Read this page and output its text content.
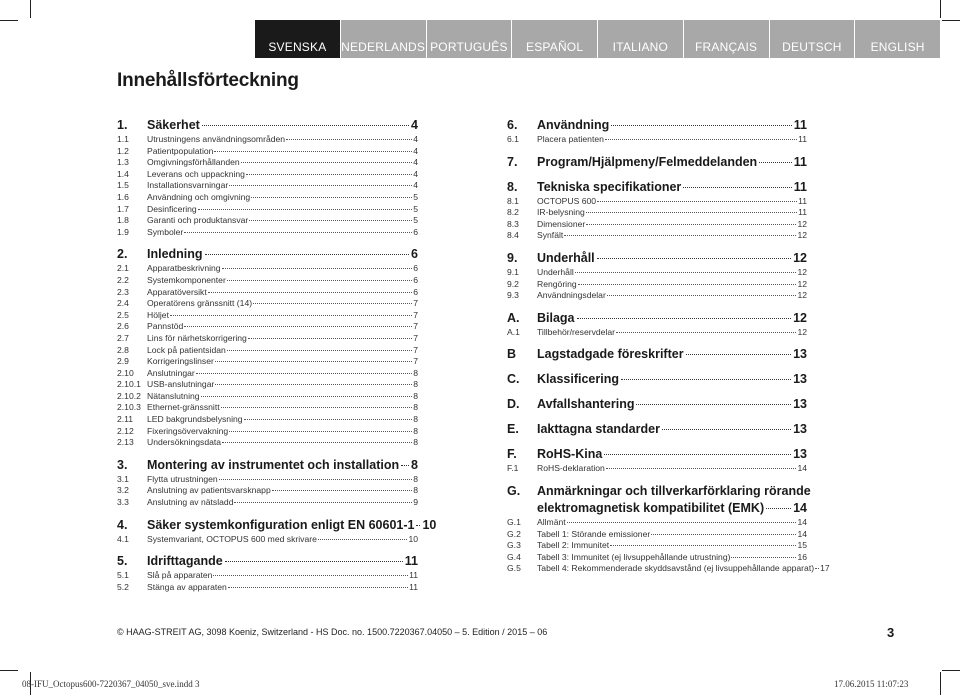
SVENSKA	NEDERLANDS PORTUGUÊS	ESPAÑOL	ITALIANO	FRANÇAIS	DEUTSCH	ENGLISH
Innehållsförteckning
1.	Säkerhet	4
1.1	Utrustningens användningsområden	4
1.2	Patientpopulation	4
1.3	Omgivningsförhållanden	4
1.4	Leverans och uppackning	4
1.5	Installationsvarningar	4
1.6	Användning och omgivning	5
1.7	Desinficering	5
1.8	Garanti och produktansvar	5
1.9	Symboler	6
2.	Inledning	6
2.1	Apparatbeskrivning	6
2.2	Systemkomponenter	6
2.3	Apparatöversikt	6
2.4	Operatörens gränssnitt (14)	7
2.5	Höljet	7
2.6	Pannstöd	7
2.7	Lins för närhetskorrigering	7
2.8	Lock på patientsidan	7
2.9	Korrigeringslinser	7
2.10	Anslutningar	8
2.10.1 USB-anslutningar	8
2.10.2 Nätanslutning	8
2.10.3 Ethernet-gränssnitt	8
2.11	LED bakgrundsbelysning	8
2.12	Fixeringsövervakning	8
2.13	Undersökningsdata	8
3.	Montering av instrumentet och installation 8
3.1	Flytta utrustningen	8
3.2	Anslutning av patientsvarsknapp	8
3.3	Anslutning av nätsladd	9
4.	Säker systemkonfiguration enligt EN 60601-1 10
4.1	Systemvariant, OCTOPUS 600 med skrivare	10
5.	Idrifttagande	11
5.1	Slå på apparaten	11
5.2	Stänga av apparaten	11
6.	Användning	11
6.1	Placera patienten	11
7.	Program/Hjälpmeny/Felmeddelanden	11
8.	Tekniska specifikationer	11
8.1	OCTOPUS 600	11
8.2	IR-belysning	11
8.3	Dimensioner	12
8.4	Synfält	12
9.	Underhåll	12
9.1	Underhåll	12
9.2	Rengöring	12
9.3	Användningsdelar	12
A.	Bilaga	12
A.1	Tillbehör/reservdelar	12
B	Lagstadgade föreskrifter	13
C.	Klassificering	13
D.	Avfallshantering	13
E.	Iakttagna standarder	13
F.	RoHS-Kina	13
F.1	RoHS-deklaration	14
G.	Anmärkningar och tillverkarförklaring rörande
elektromagnetisk kompatibilitet (EMK) 14
G.1	Allmänt	14
G.2	Tabell 1: Störande emissioner	14
G.3	Tabell 2: Immunitet	15
G.4	Tabell 3: Immunitet (ej livsuppehållande utrustning)	16
G.5	Tabell 4: Rekommenderade skyddsavstånd (ej livsuppehållande apparat) 17
© HAAG-STREIT AG, 3098 Koeniz, Switzerland - HS Doc. no. 1500.7220367.04050 – 5. Edition / 2015 – 06	3
08-IFU_Octopus600-7220367_04050_sve.indd 3	17.06.2015 11:07:23
